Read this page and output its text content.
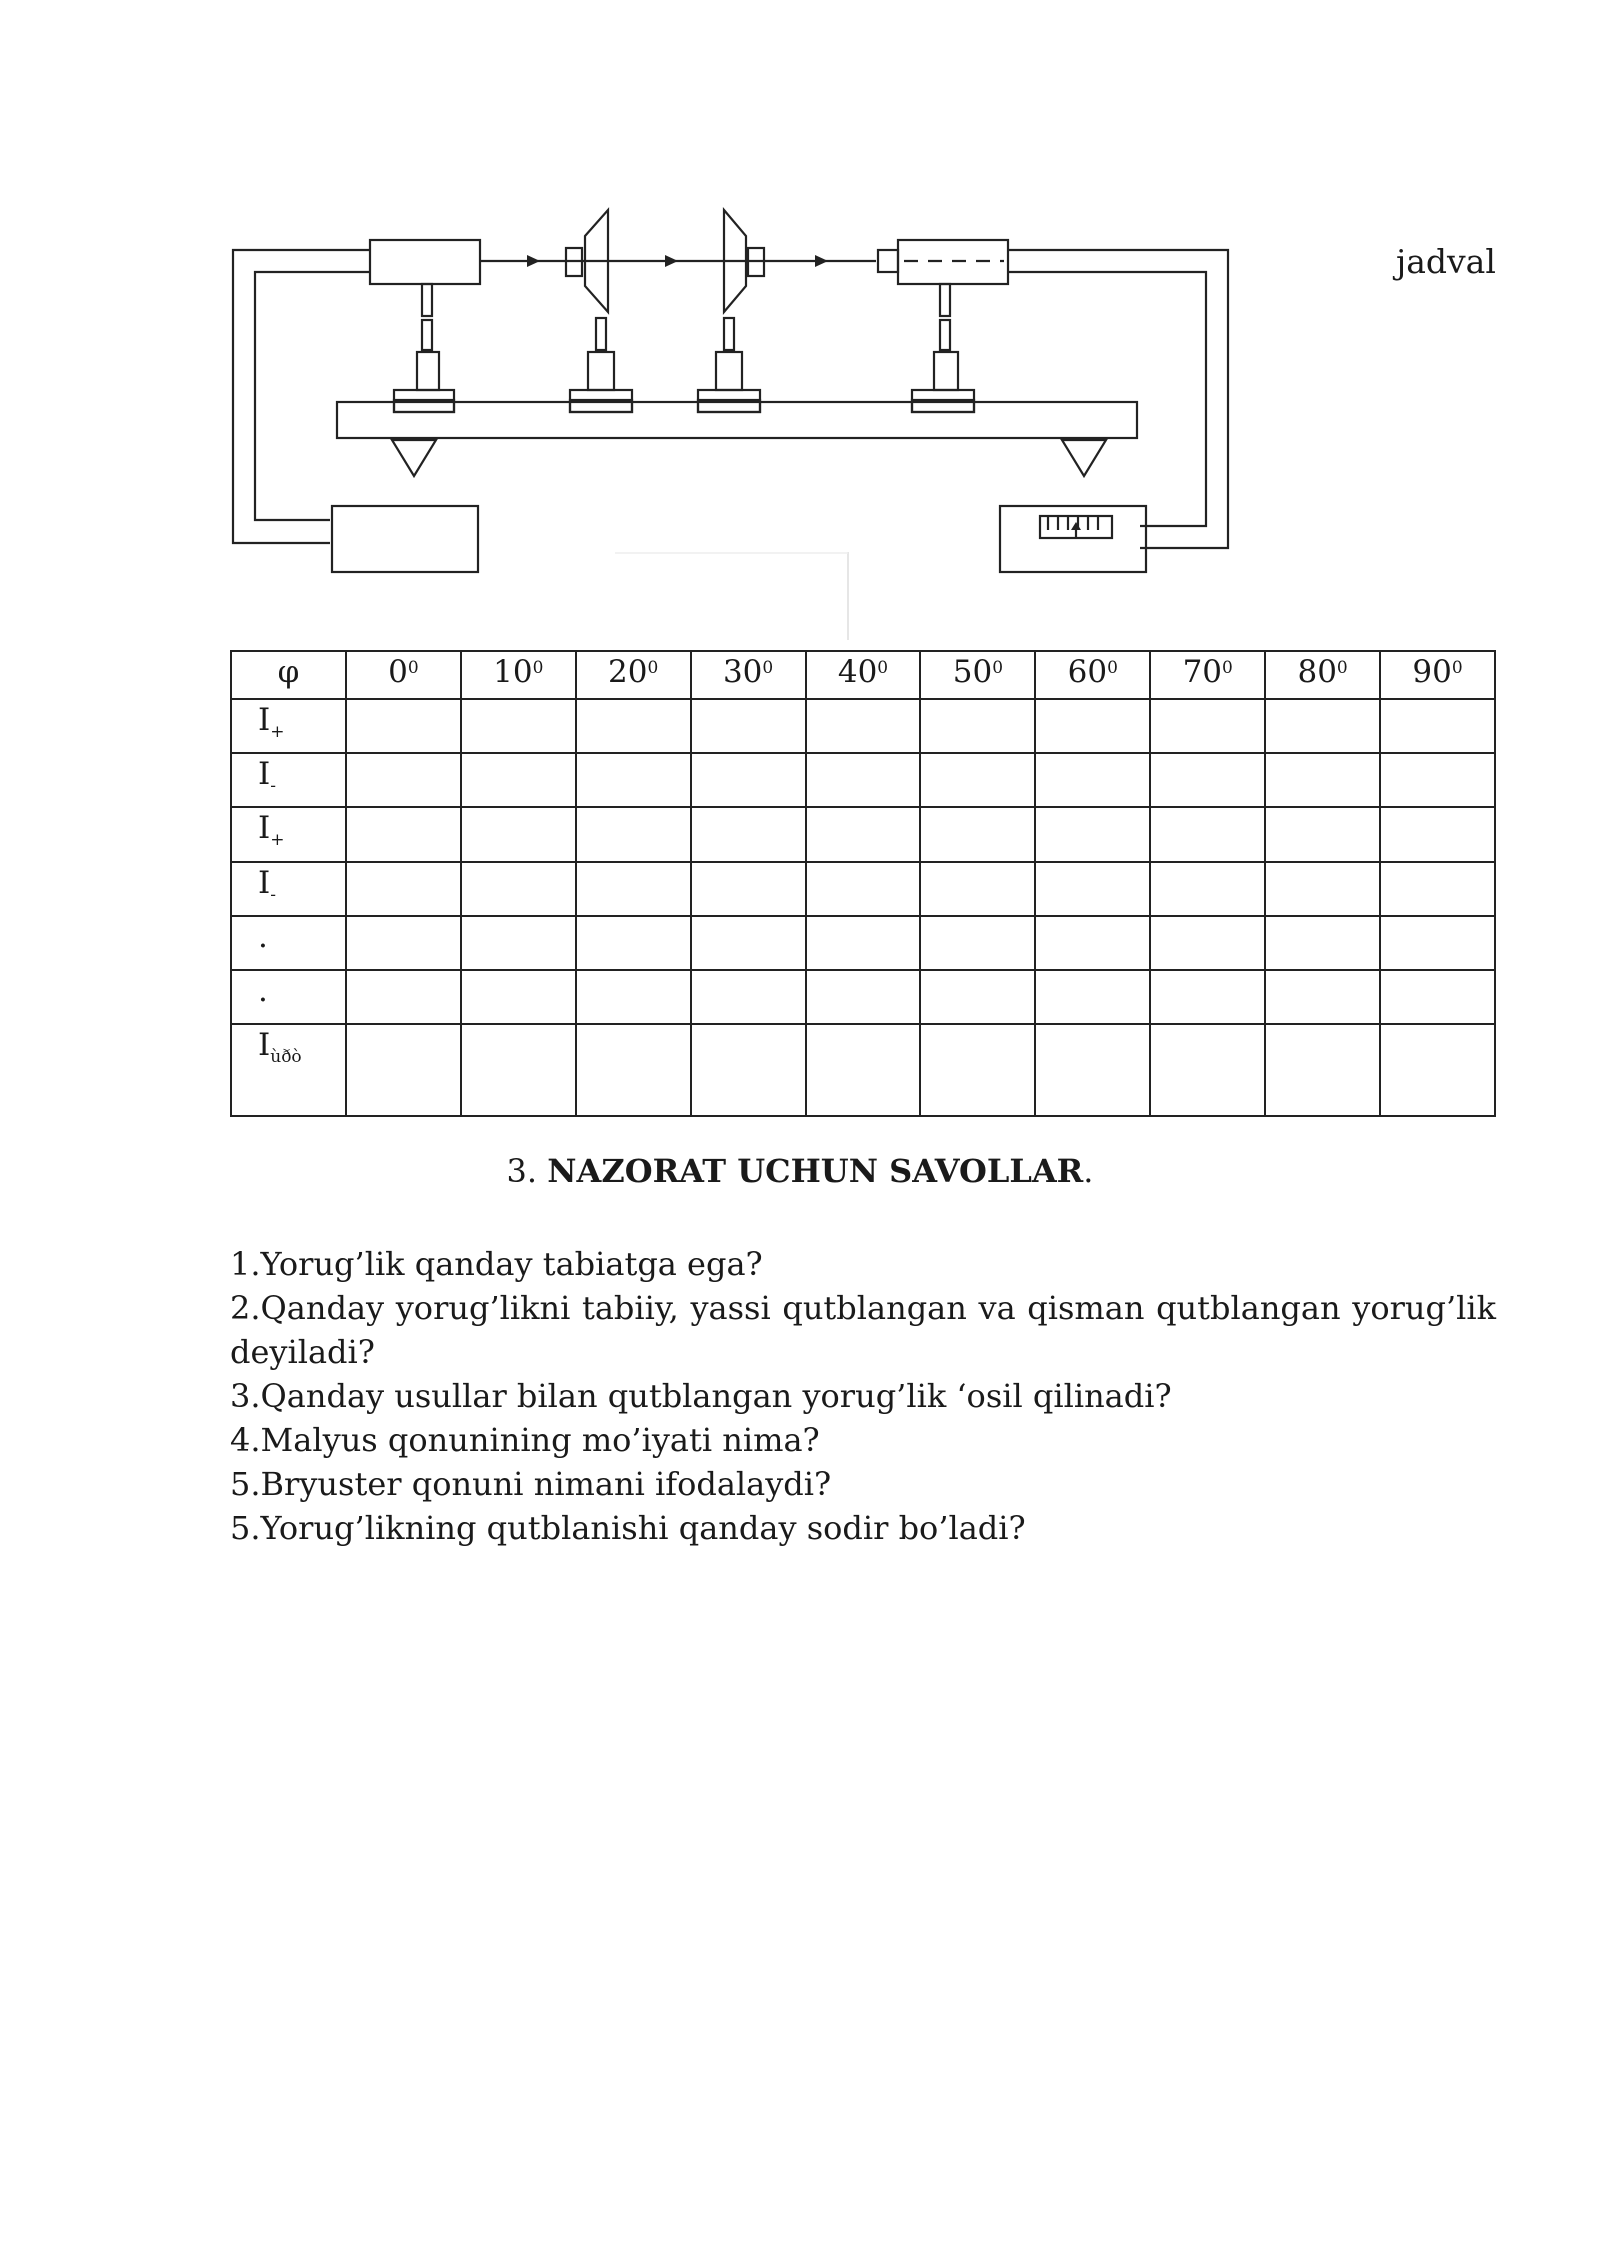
jadval
φ	$0^0$	$10^0$	$20^0$	$30^0$	$40^0$	$50^0$	$60^0$	$70^0$	$80^0$	$90^0$
$I_+$										
$I_-$										
$I_+$										
$I_-$										
.										
.										
$I_{ùðò}$										
3. NAZORAT UCHUN SAVOLLAR.

1.Yorug’lik qanday tabiatga ega?

2.Qanday yorug’likni tabiiy, yassi qutblangan va qisman qutblangan yorug’lik deyiladi?

3.Qanday usullar bilan qutblangan yorug’lik ‘osil qilinadi?

4.Malyus qonunining mo’iyati nima?

5.Bryuster qonuni nimani ifodalaydi?

5.Yorug’likning qutblanishi qanday sodir bo’ladi?
